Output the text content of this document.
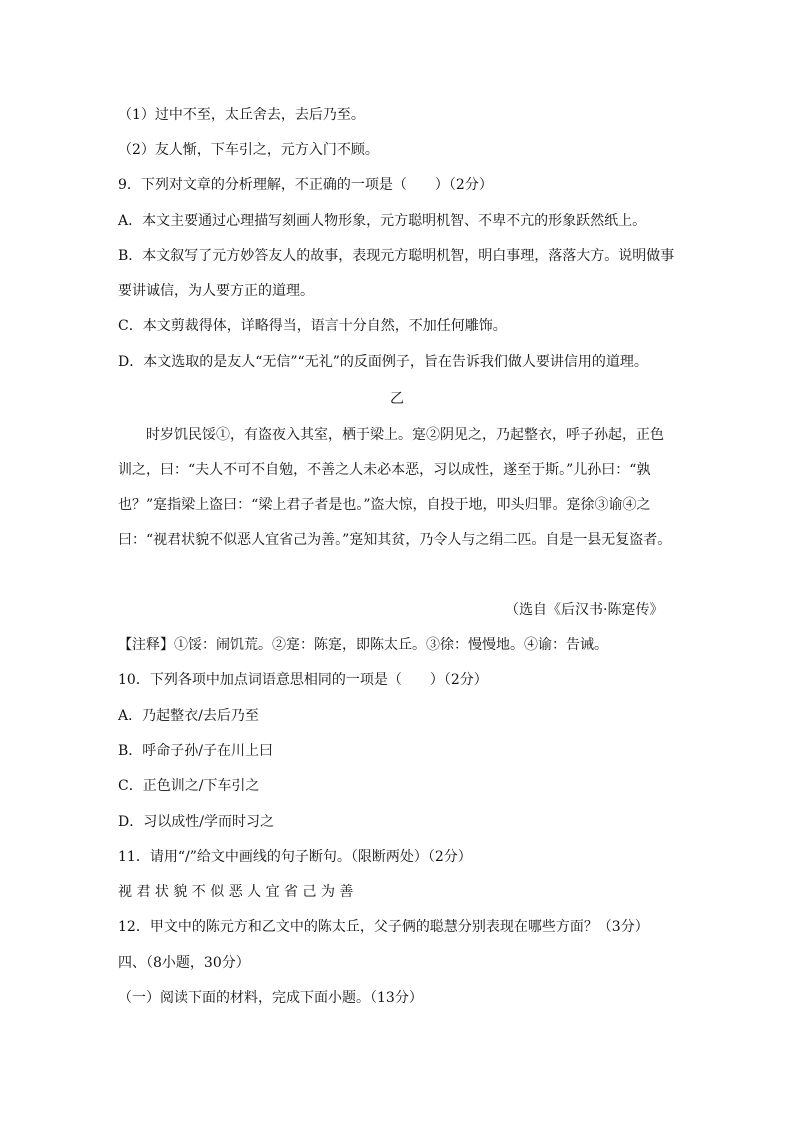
（1）过中不至，太丘舍去，去后乃至。
（2）友人惭，下车引之，元方入门不顾。
9．下列对文章的分析理解，不正确的一项是（　　）（2分）
A．本文主要通过心理描写刻画人物形象，元方聪明机智、不卑不亢的形象跃然纸上。
B．本文叙写了元方妙答友人的故事，表现元方聪明机智，明白事理，落落大方。说明做事
要讲诚信，为人要方正的道理。
C．本文剪裁得体，详略得当，语言十分自然，不加任何雕饰。
D．本文选取的是友人“无信”“无礼”的反面例子，旨在告诉我们做人要讲信用的道理。
乙
时岁饥民馁①，有盗夜入其室，栖于梁上。寔②阴见之，乃起整衣，呼子孙起，正色
训之，曰：“夫人不可不自勉，不善之人未必本恶，习以成性，遂至于斯。”儿孙曰：“孰
也？”寔指梁上盗曰：“梁上君子者是也。”盗大惊，自投于地，叩头归罪。寔徐③谕④之
曰：“视君状貌不似恶人宜省己为善。”寔知其贫，乃令人与之绢二匹。自是一县无复盗者。
（选自《后汉书·陈寔传》
【注释】①馁：闹饥荒。②寔：陈寔，即陈太丘。③徐：慢慢地。④谕：告诫。
10．下列各项中加点词语意思相同的一项是（　　）（2分）
A．乃起整衣/去后乃至
B．呼命子孙/子在川上曰
C．正色训之/下车引之
D．习以成性/学而时习之
11．请用“/”给文中画线的句子断句。（限断两处）（2分）
视 君 状 貌 不 似 恶 人 宜 省 己 为 善
12．甲文中的陈元方和乙文中的陈太丘，父子俩的聪慧分别表现在哪些方面？（3分）
四、（8小题，30分）
（一）阅读下面的材料，完成下面小题。（13分）
